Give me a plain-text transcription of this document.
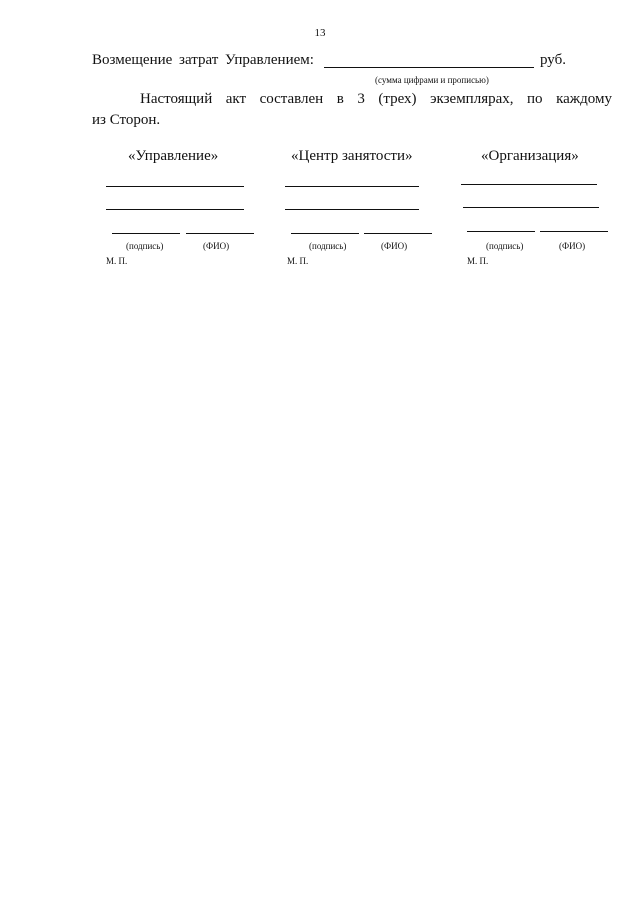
13
Возмещение затрат Управлением:	руб.
(сумма цифрами и прописью)
Настоящий акт составлен в 3 (трех) экземплярах, по каждому
из Сторон.
«Управление»
(подпись)	(ФИО)
М. П.
«Центр занятости»
(подпись)	(ФИО)
М. П.
«Организация»
(подпись)	(ФИО)
М. П.
